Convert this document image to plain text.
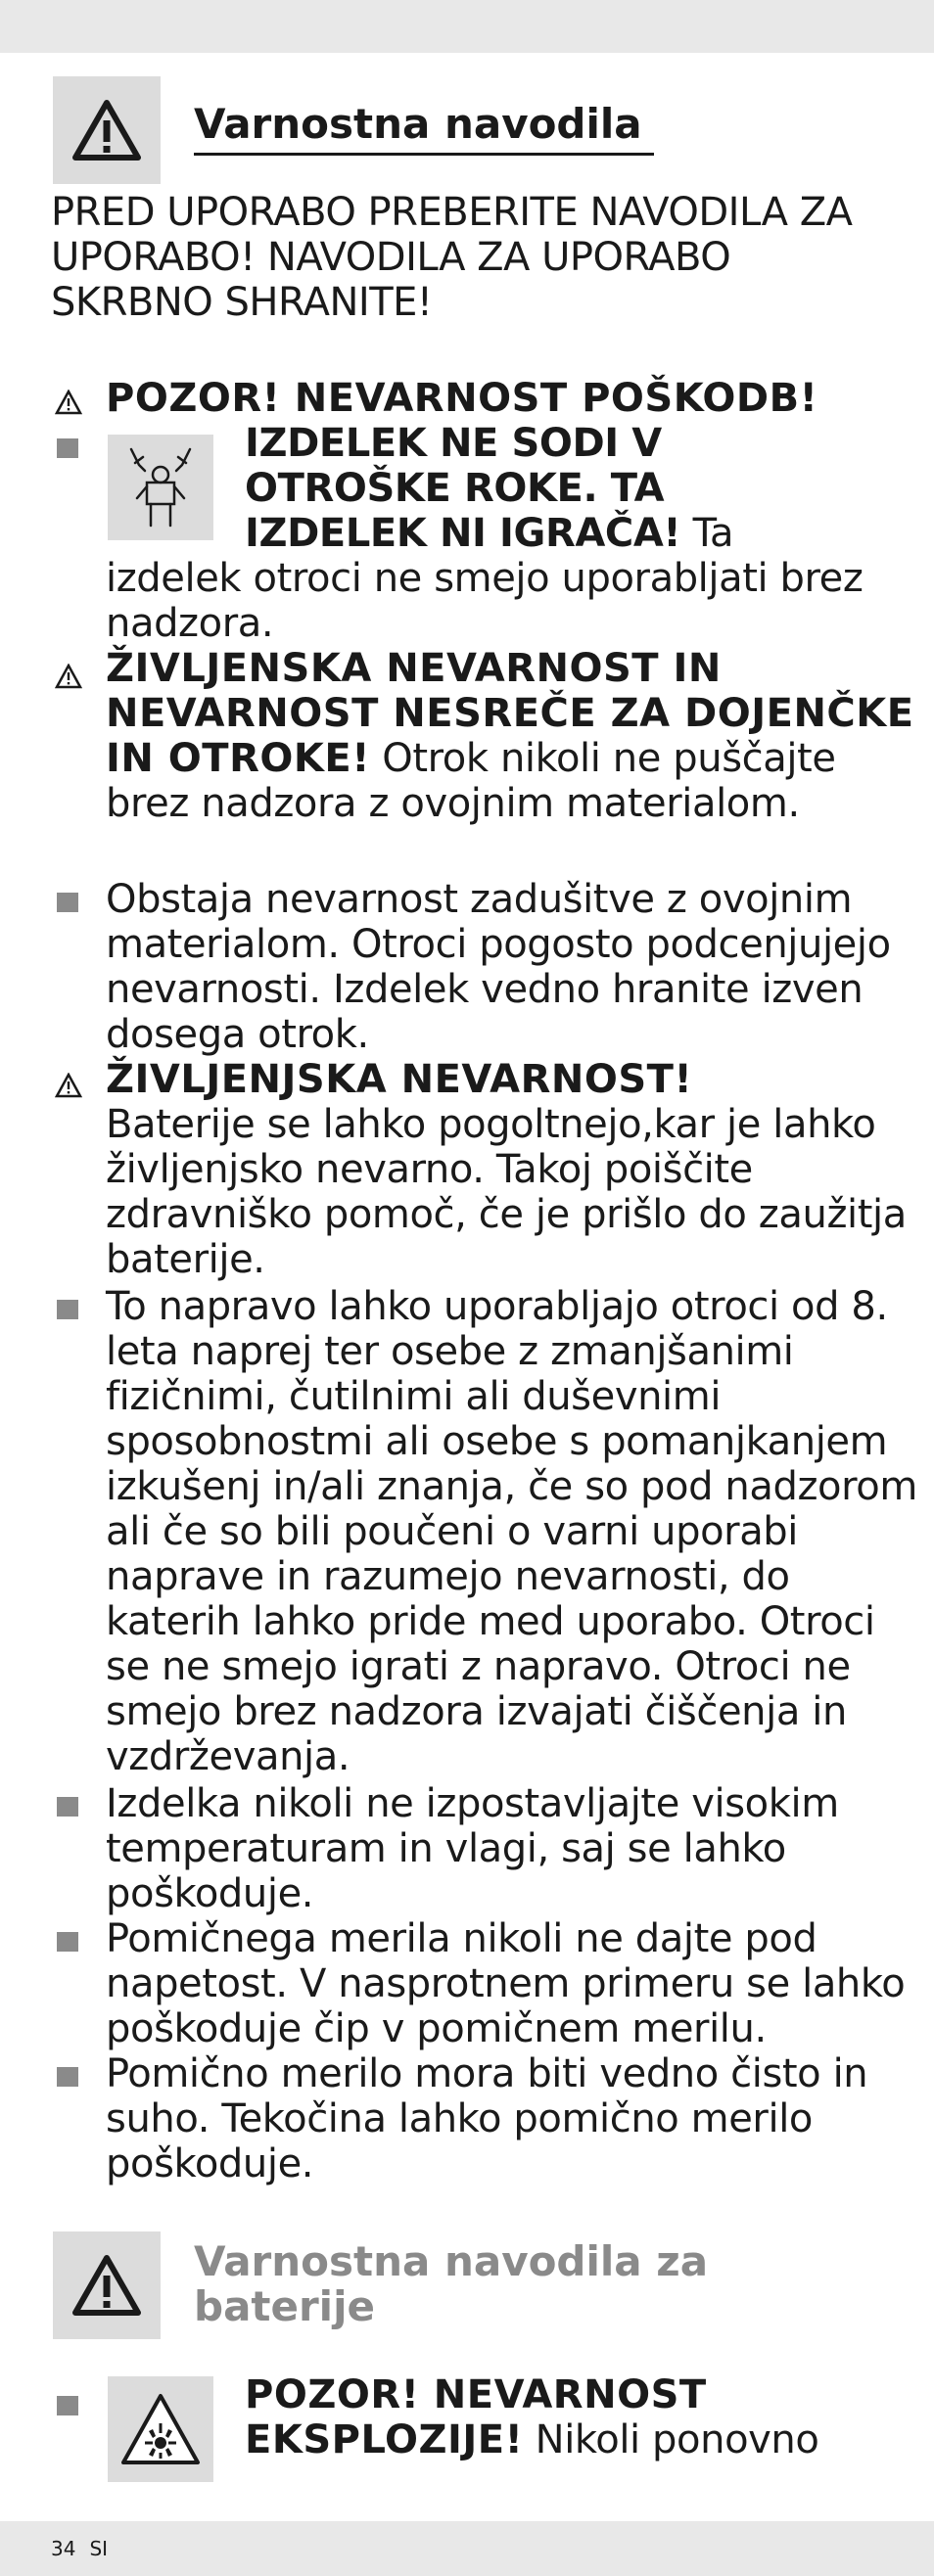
Varnostna navodila
PRED UPORABO PREBERITE NAVODILA ZA UPORABO! NAVODILA ZA UPORABO SKRBNO SHRANITE!
POZOR! NEVARNOST POŠKODB!
IZDELEK NE SODI V
OTROŠKE ROKE. TA
IZDELEK NI IGRAČA! Ta
izdelek otroci ne smejo uporabljati brez nadzora.
ŽIVLJENSKA NEVARNOST IN NEVARNOST NESREČE ZA DOJENČKE IN OTROKE! Otrok nikoli ne puščajte brez nadzora z ovojnim materialom.
Obstaja nevarnost zadušitve z ovojnim materialom. Otroci pogosto podcenjujejo nevarnosti. Izdelek vedno hranite izven dosega otrok.
ŽIVLJENJSKA NEVARNOST!
Baterije se lahko pogoltnejo,kar je lahko življenjsko nevarno. Takoj poiščite zdravniško pomoč, če je prišlo do zaužitja baterije.
To napravo lahko uporabljajo otroci od 8. leta naprej ter osebe z zmanjšanimi fizičnimi, čutilnimi ali duševnimi sposobnostmi ali osebe s pomanjkanjem izkušenj in/ali znanja, če so pod nadzorom ali če so bili poučeni o varni uporabi naprave in razumejo nevarnosti, do katerih lahko pride med uporabo. Otroci se ne smejo igrati z napravo. Otroci ne smejo brez nadzora izvajati čiščenja in vzdrževanja.
Izdelka nikoli ne izpostavljajte visokim temperaturam in vlagi, saj se lahko poškoduje.
Pomičnega merila nikoli ne dajte pod napetost. V nasprotnem primeru se lahko poškoduje čip v pomičnem merilu.
Pomično merilo mora biti vedno čisto in suho. Tekočina lahko pomično merilo poškoduje.
Varnostna navodila za baterije
POZOR! NEVARNOST
EKSPLOZIJE! Nikoli ponovno
34 SI
